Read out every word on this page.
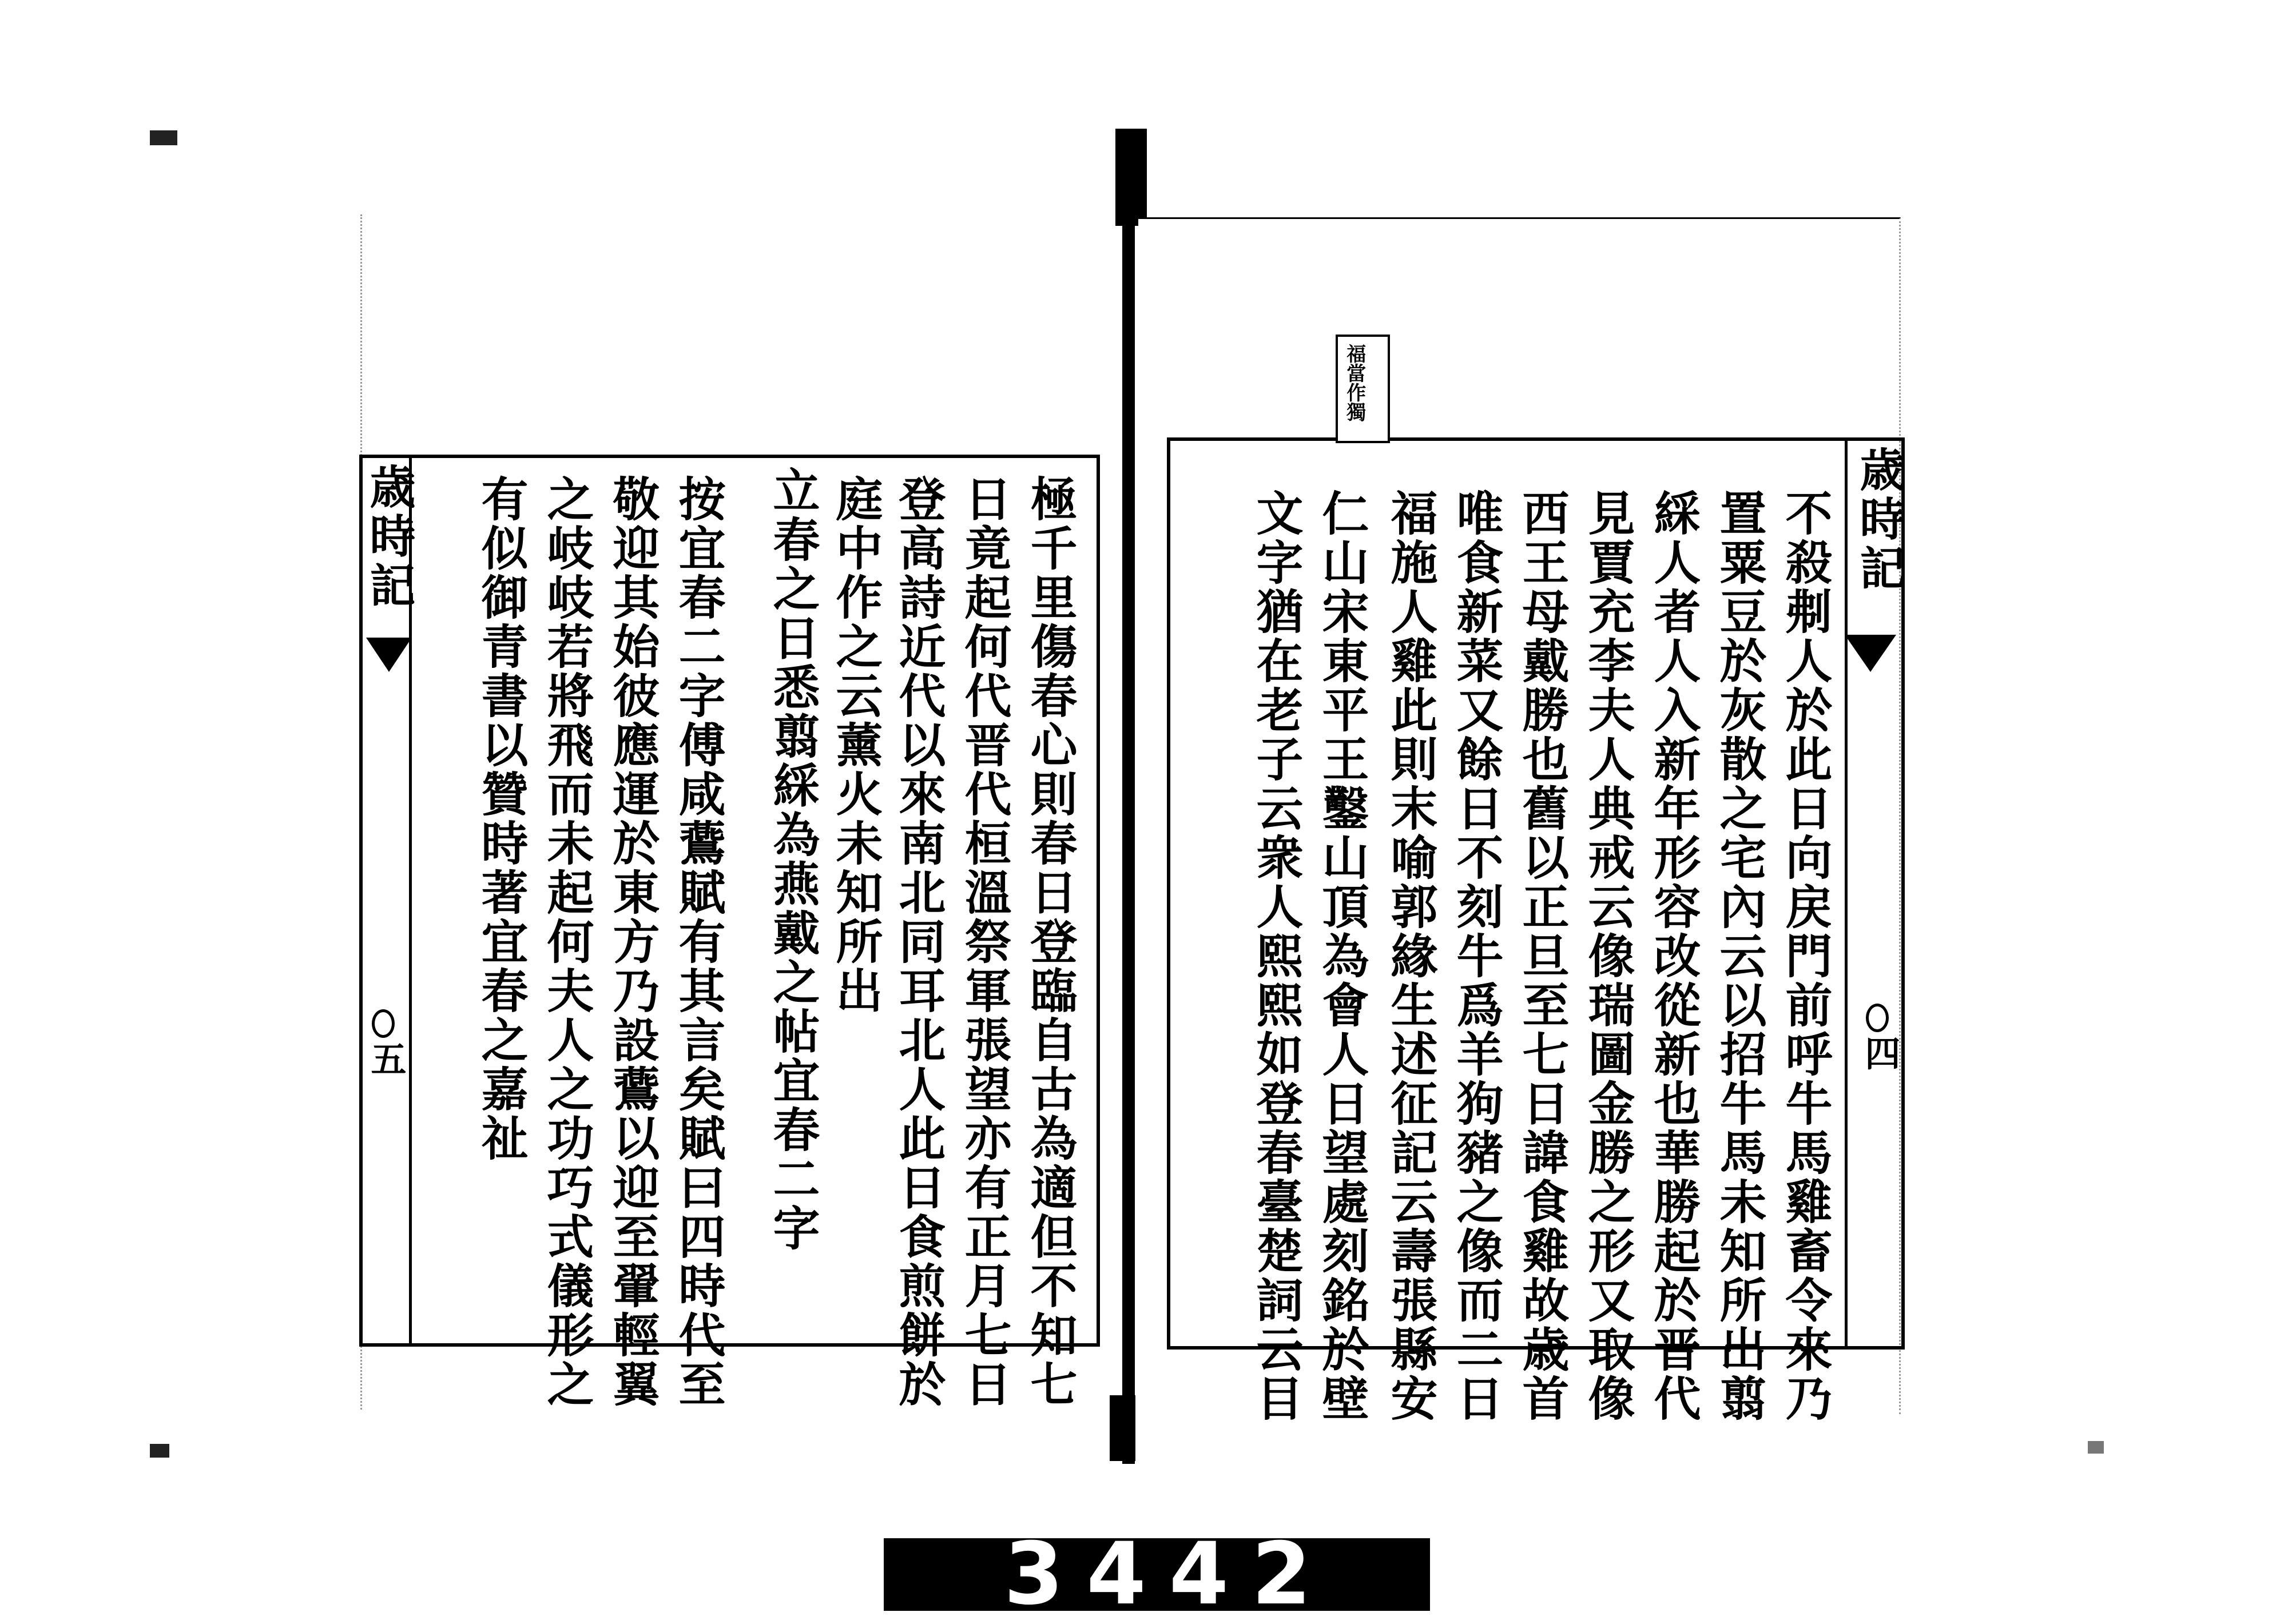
歳時記
五	極千里傷春心則春日登臨自古為適但不知七
日竟起何代晋代桓溫祭軍張望亦有正月七日
登高詩近代以來南北同耳北人此日食煎餅於
庭中作之云薰火未知所出
立春之日悉翦綵為燕戴之帖宜春二字
按宜春二字傅咸鷰賦有其言矣賦曰四時代至
敬迎其始彼應運於東方乃設鷰以迎至翬輕翼
之岐岐若將飛而未起何夫人之功巧式儀形之
有似御青書以贊時著宜春之嘉祉
福當作獨
歳時記
四
不殺刜人於此日向戻門前呼牛馬雞畜令來乃
置粟豆於灰散之宅內云以招牛馬未知所出翦
綵人者人入新年形容改從新也華勝起於晋代
見賈充李夫人典戒云像瑞圖金勝之形又取像
西王母戴勝也舊以正旦至七日諱食雞故歳首
唯食新菜又餘日不刻牛爲羊狗豬之像而二日
福施人雞此則末喻郭緣生述征記云壽張縣安
仁山宋東平王鑿山頂為會人日望處刻銘於壁
文字猶在老子云衆人熙熙如登春臺楚詞云目
3442
